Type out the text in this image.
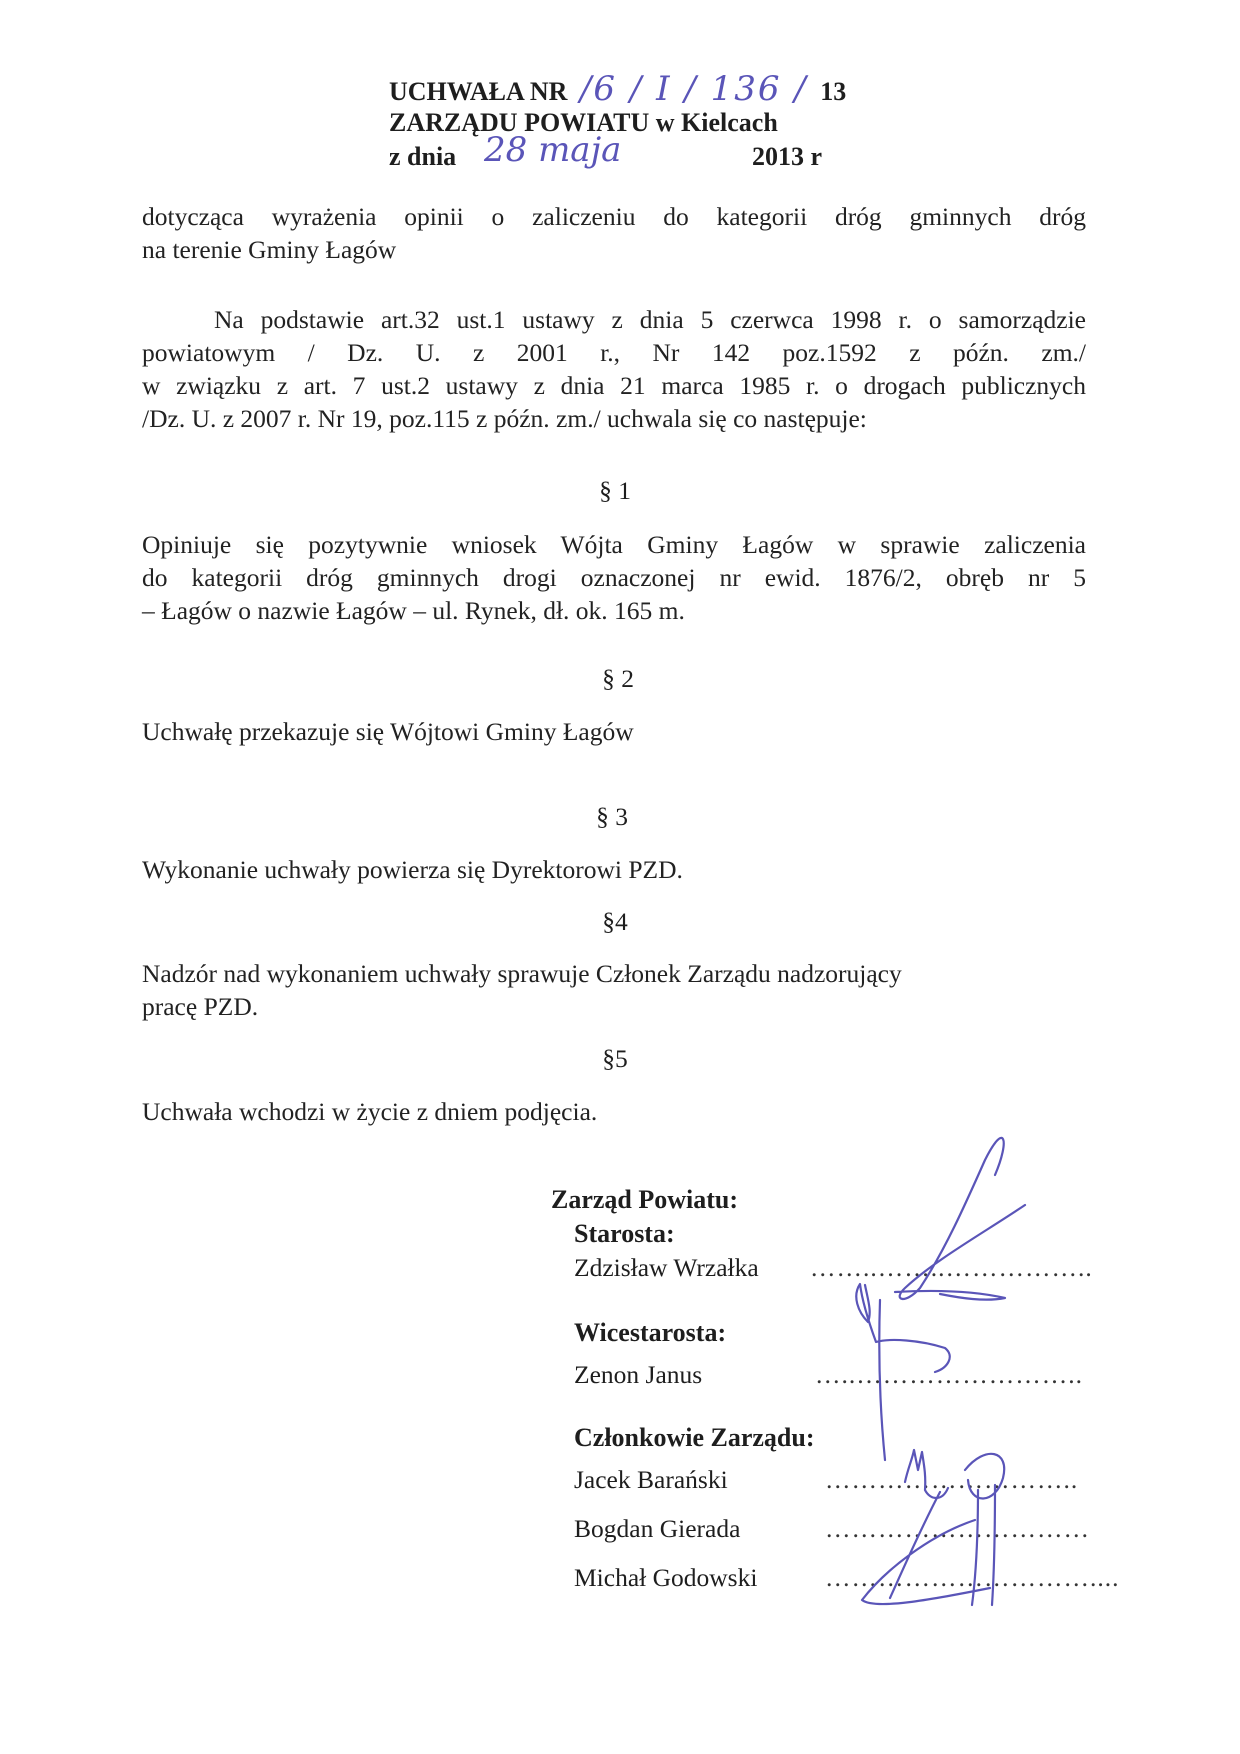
UCHWAŁA NR /6 / I / 136 / 13
ZARZĄDU POWIATU w Kielcach
z dnia 28 maja	2013 r
dotycząca wyrażenia opinii o zaliczeniu do kategorii dróg gminnych dróg
na terenie Gminy Łagów
Na podstawie art.32 ust.1 ustawy z dnia 5 czerwca 1998 r. o samorządzie
powiatowym / Dz. U. z 2001 r., Nr 142 poz.1592 z późn. zm./
w związku z art. 7 ust.2 ustawy z dnia 21 marca 1985 r. o drogach publicznych
/Dz. U. z 2007 r. Nr 19, poz.115 z późn. zm./ uchwala się co następuje:
§ 1
Opiniuje się pozytywnie wniosek Wójta Gminy Łagów w sprawie zaliczenia
do kategorii dróg gminnych drogi oznaczonej nr ewid. 1876/2, obręb nr 5
– Łagów o nazwie Łagów – ul. Rynek, dł. ok. 165 m.
§ 2
Uchwałę przekazuje się Wójtowi Gminy Łagów
§ 3
Wykonanie uchwały powierza się Dyrektorowi PZD.
§4
Nadzór nad wykonaniem uchwały sprawuje Członek Zarządu nadzorujący
pracę PZD.
§5
Uchwała wchodzi w życie z dniem podjęcia.
Zarząd Powiatu:
Starosta:
Zdzisław Wrzałka ……..……..……………..
Wicestarosta:
Zenon Janus	…..……………………..
Członkowie Zarządu:
Jacek Barański	………………………..
Bogdan Gierada	…………………………
Michał Godowski	…………………………....
